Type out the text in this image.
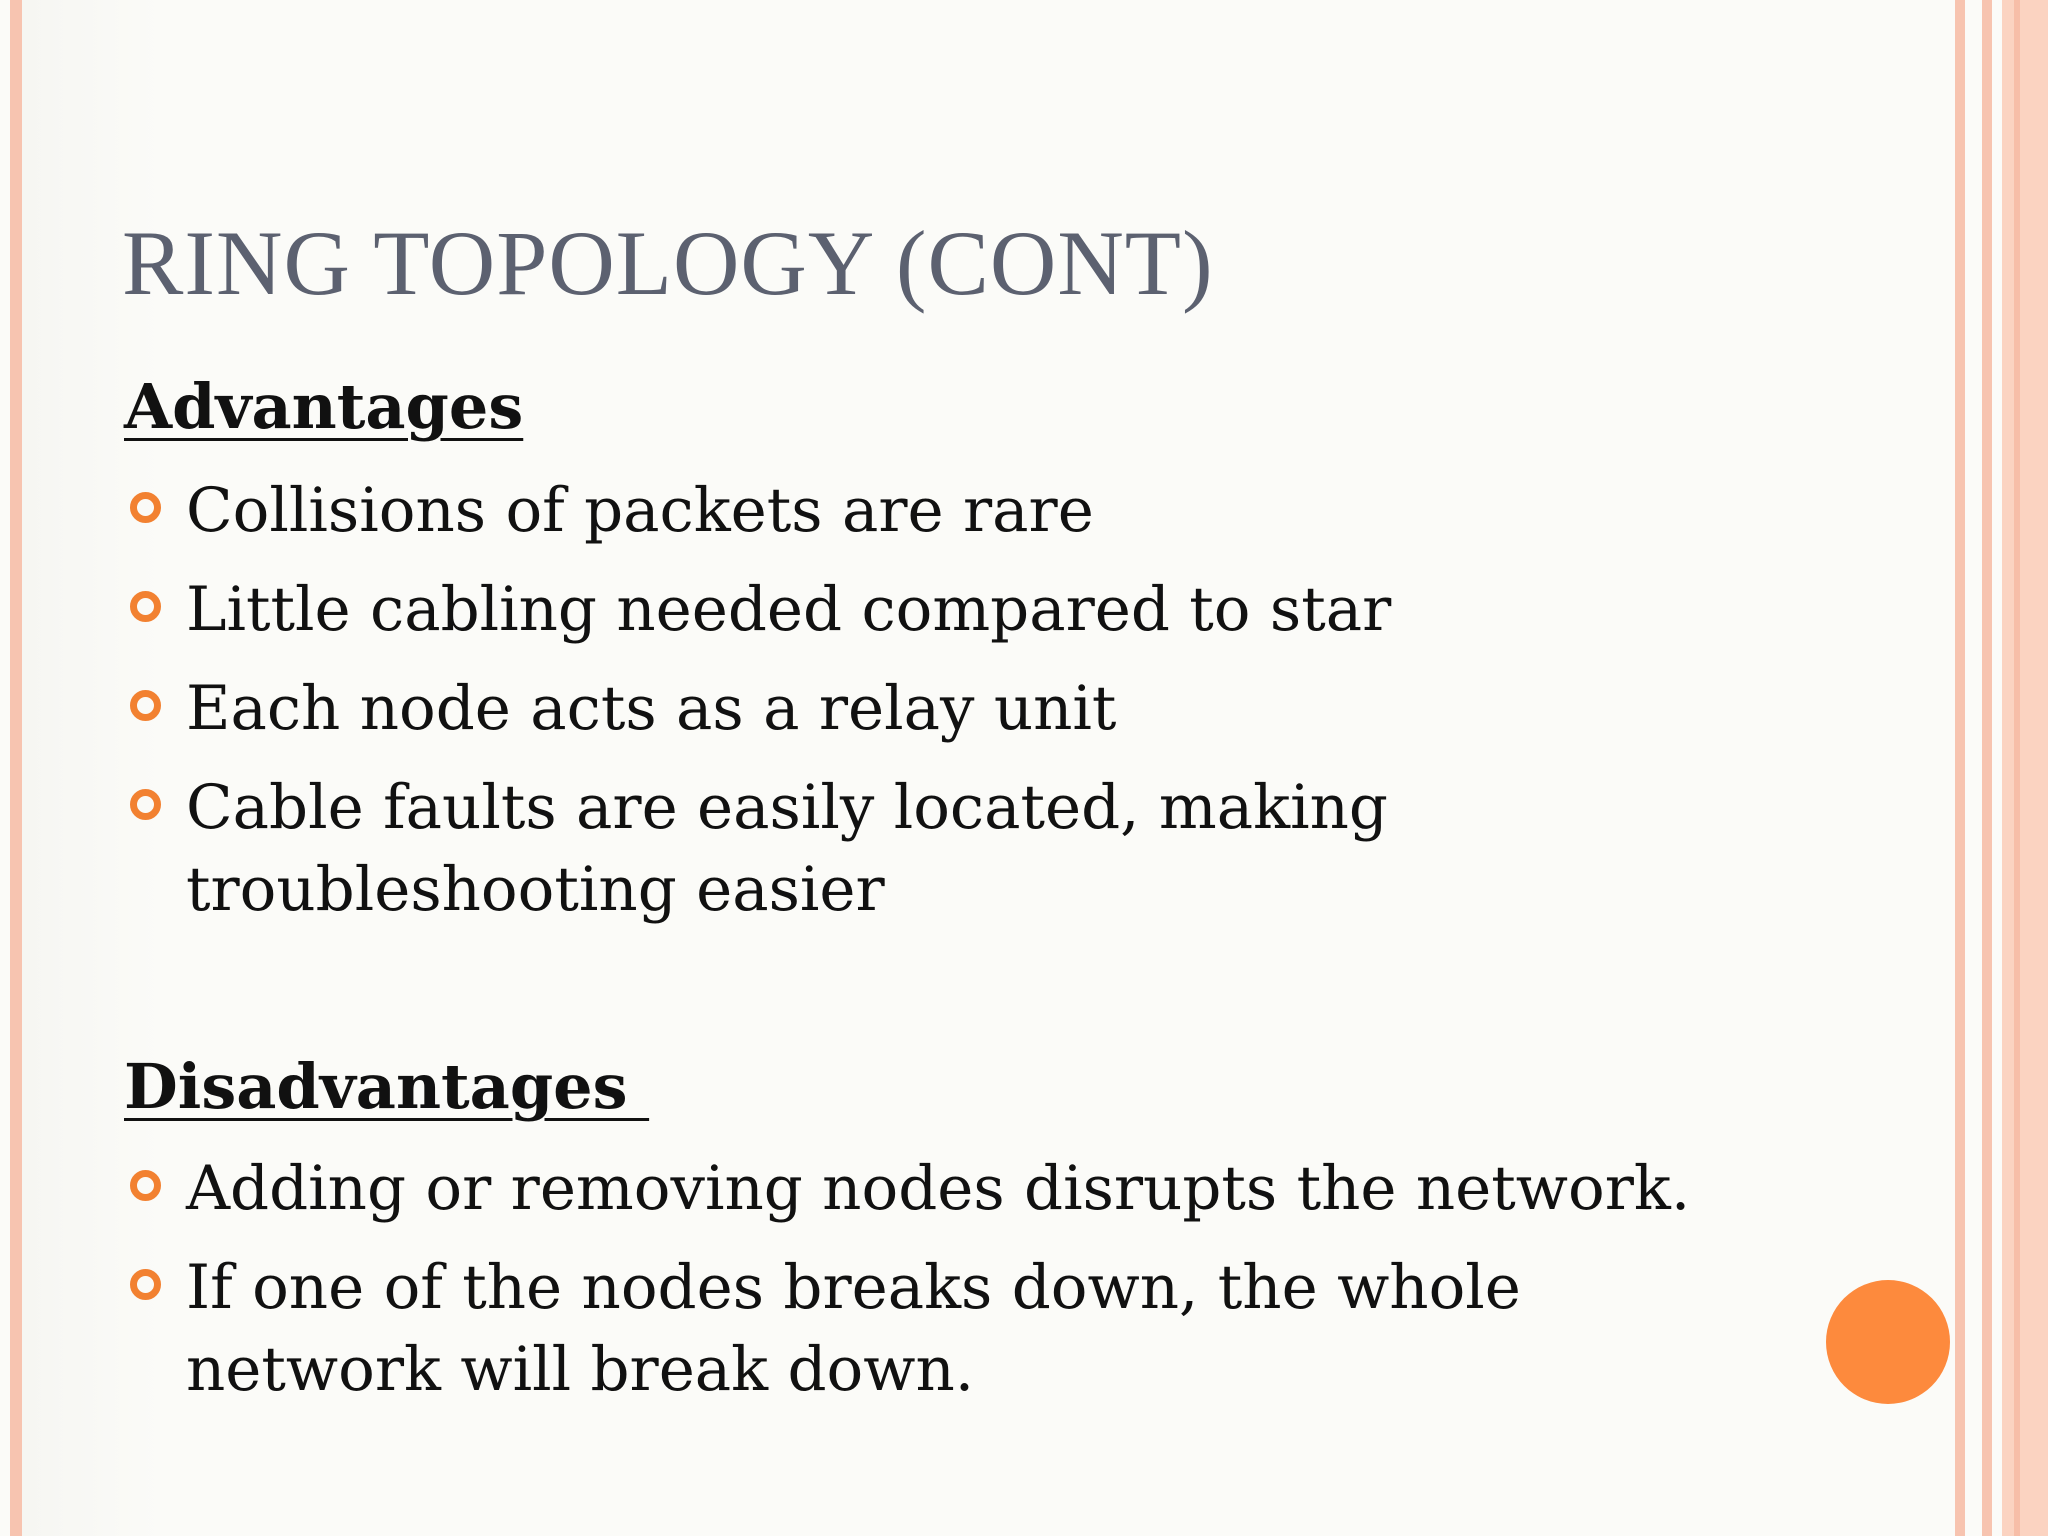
RING TOPOLOGY (CONT)
Advantages
Collisions of packets are rare
Little cabling needed compared to star
Each node acts as a relay unit
Cable faults are easily located, making troubleshooting easier
Disadvantages
Adding or removing nodes disrupts the network.
If one of the nodes breaks down, the whole network will break down.
